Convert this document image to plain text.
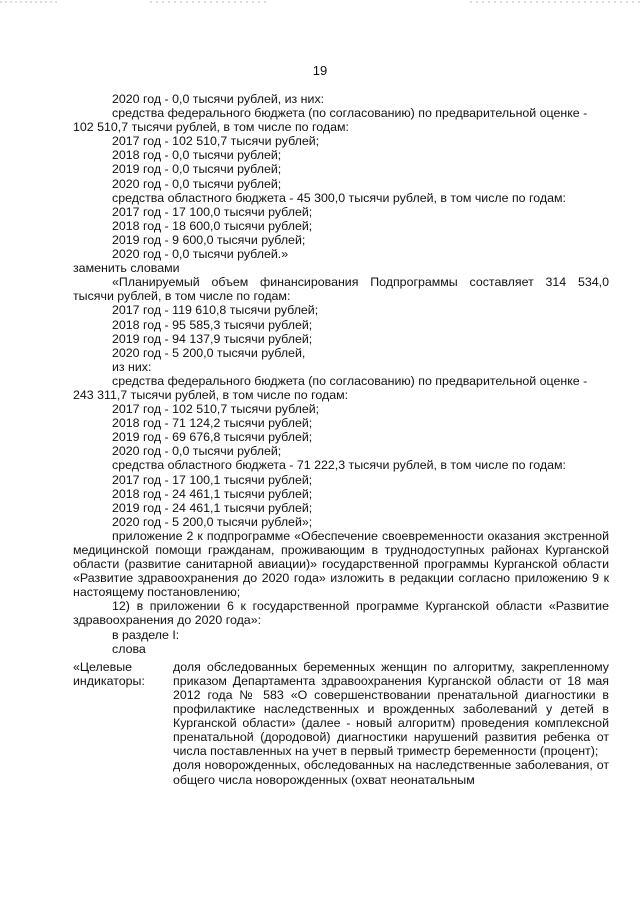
19
2020 год - 0,0 тысячи рублей, из них:
средства федерального бюджета (по согласованию) по предварительной оценке -
102 510,7 тысячи рублей, в том числе по годам:
2017 год - 102 510,7 тысячи рублей;
2018 год - 0,0 тысячи рублей;
2019 год - 0,0 тысячи рублей;
2020 год - 0,0 тысячи рублей;
средства областного бюджета - 45 300,0 тысячи рублей, в том числе по годам:
2017 год - 17 100,0 тысячи рублей;
2018 год - 18 600,0 тысячи рублей;
2019 год - 9 600,0 тысячи рублей;
2020 год - 0,0 тысячи рублей.»
заменить словами
«Планируемый объем финансирования Подпрограммы составляет 314 534,0
тысячи рублей, в том числе по годам:
2017 год - 119 610,8 тысячи рублей;
2018 год - 95 585,3 тысячи рублей;
2019 год - 94 137,9 тысячи рублей;
2020 год - 5 200,0 тысячи рублей,
из них:
средства федерального бюджета (по согласованию) по предварительной оценке -
243 311,7 тысячи рублей, в том числе по годам:
2017 год - 102 510,7 тысячи рублей;
2018 год - 71 124,2 тысячи рублей;
2019 год - 69 676,8 тысячи рублей;
2020 год - 0,0 тысячи рублей;
средства областного бюджета - 71 222,3 тысячи рублей, в том числе по годам:
2017 год - 17 100,1 тысячи рублей;
2018 год - 24 461,1 тысячи рублей;
2019 год - 24 461,1 тысячи рублей;
2020 год - 5 200,0 тысячи рублей»;
приложение 2 к подпрограмме «Обеспечение своевременности оказания экстренной медицинской помощи гражданам, проживающим в труднодоступных районах Курганской области (развитие санитарной авиации)» государственной программы Курганской области «Развитие здравоохранения до 2020 года» изложить в редакции согласно приложению 9 к настоящему постановлению;
12) в приложении 6 к государственной программе Курганской области «Развитие здравоохранения до 2020 года»:
в разделе I:
слова
«Целевые индикаторы:
доля обследованных беременных женщин по алгоритму, закрепленному приказом Департамента здравоохранения Курганской области от 18 мая 2012 года № 583 «О совершенствовании пренатальной диагностики в профилактике наследственных и врожденных заболеваний у детей в Курганской области» (далее - новый алгоритм) проведения комплексной пренатальной (дородовой) диагностики нарушений развития ребенка от числа поставленных на учет в первый триместр беременности (процент);
доля новорожденных, обследованных на наследственные заболевания, от общего числа новорожденных (охват неонатальным
